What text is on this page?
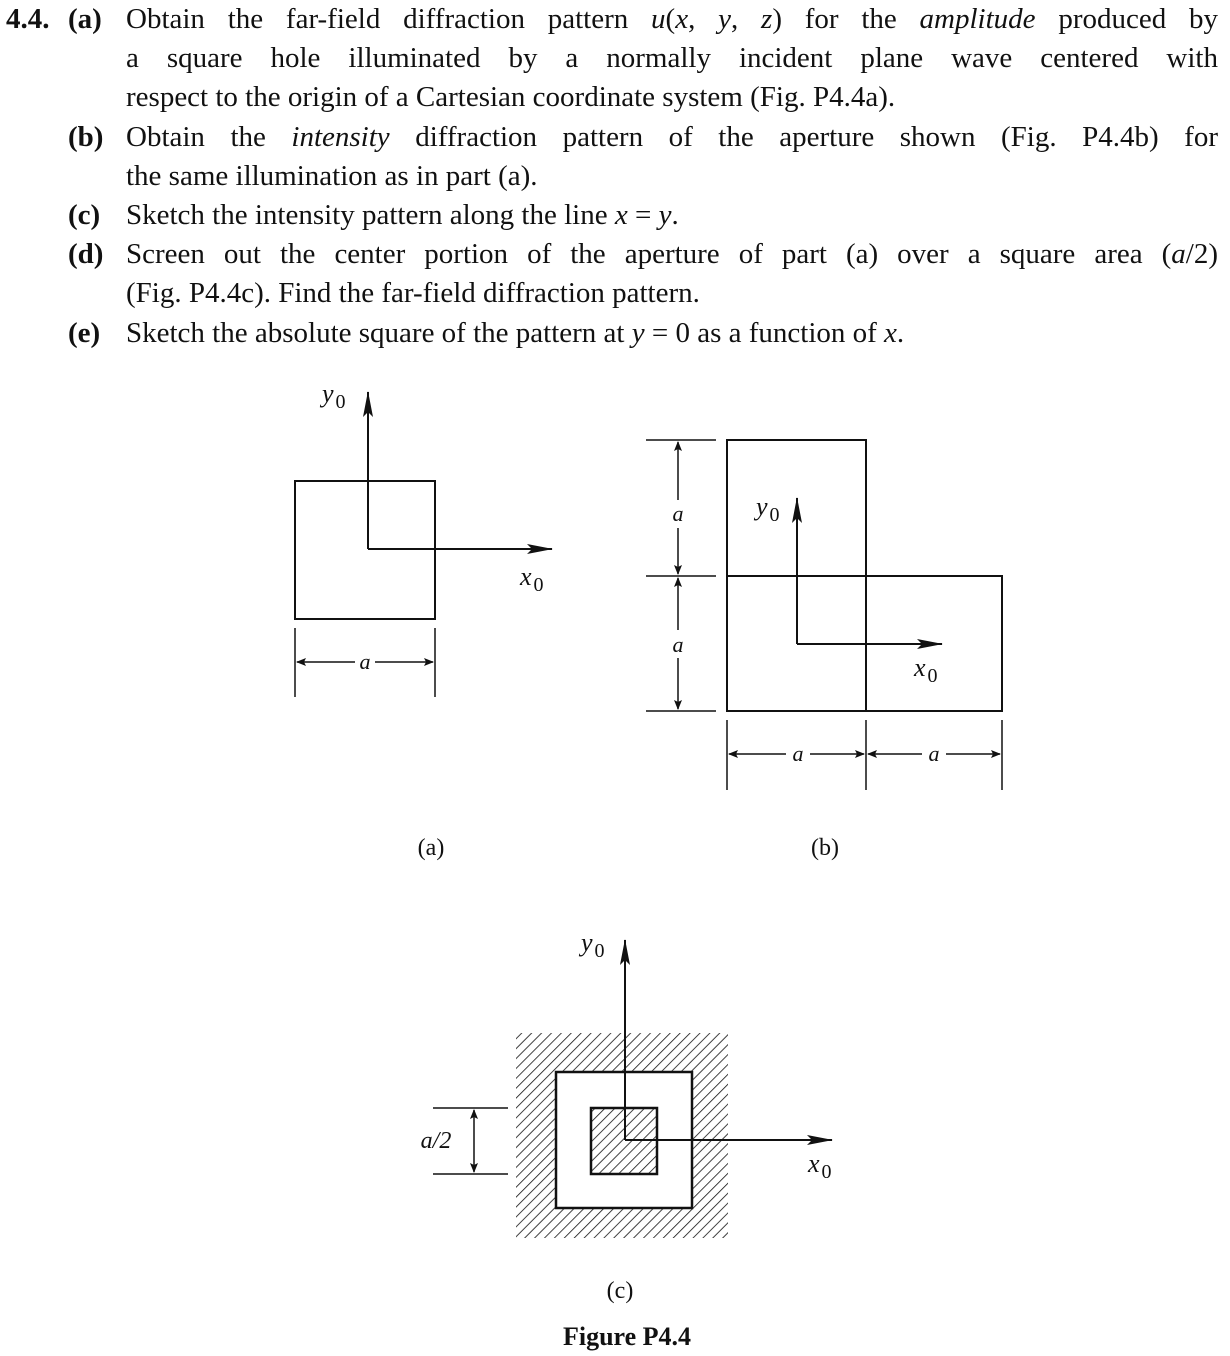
4.4. (a) Obtain the far-field diffraction pattern u(x, y, z) for the amplitude produced by
a square hole illuminated by a normally incident plane wave centered with
respect to the origin of a Cartesian coordinate system (Fig. P4.4a).
(b) Obtain the intensity diffraction pattern of the aperture shown (Fig. P4.4b) for
the same illumination as in part (a).
(c) Sketch the intensity pattern along the line x = y.
(d) Screen out the center portion of the aperture of part (a) over a square area (a/2)
(Fig. P4.4c). Find the far-field diffraction pattern.
(e) Sketch the absolute square of the pattern at y = 0 as a function of x.
y $_0$
x $_0$
a
(a)
y $_0$
x $_0$
a
a
a	a
(b)
y $_0$
x $_0$
a/2
(c)
Figure P4.4
